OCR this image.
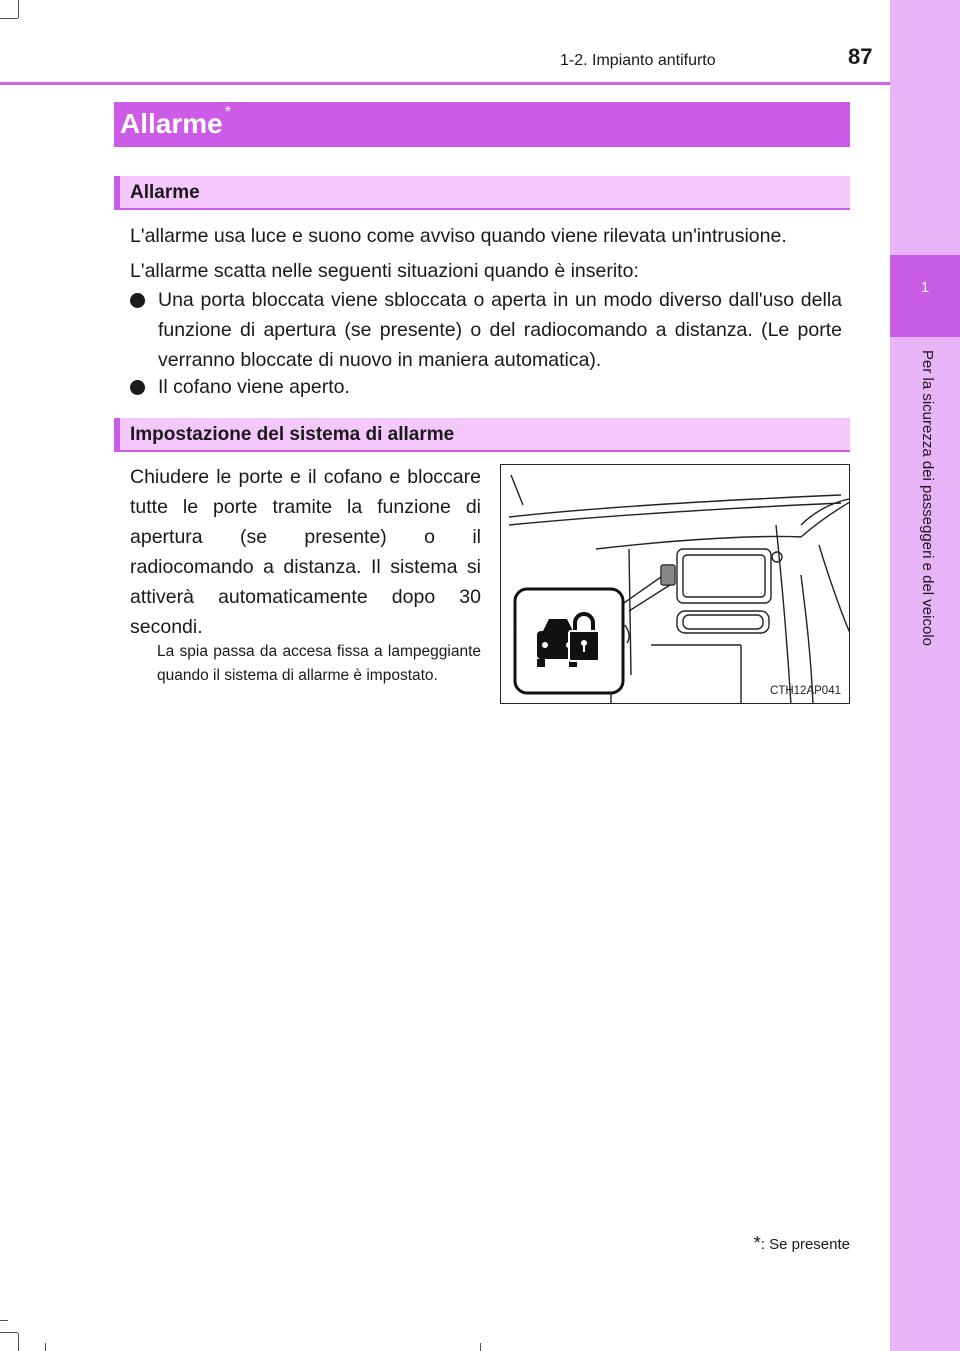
1
Per la sicurezza dei passeggeri e del veicolo
1-2. Impianto antifurto	87
Allarme *
Allarme
L'allarme usa luce e suono come avviso quando viene rilevata un'intrusione.
L'allarme scatta nelle seguenti situazioni quando è inserito:
Una porta bloccata viene sbloccata o aperta in un modo diverso dall'uso della funzione di apertura (se presente) o del radiocomando a distanza. (Le porte verranno bloccate di nuovo in maniera automatica).
Il cofano viene aperto.
Impostazione del sistema di allarme
Chiudere le porte e il cofano e bloccare tutte le porte tramite la funzione di apertura (se presente) o il radiocomando a distanza. Il sistema si attiverà automaticamente dopo 30 secondi.
La spia passa da accesa fissa a lampeggiante quando il sistema di allarme è impostato.
CTH12AP041
*: Se presente
